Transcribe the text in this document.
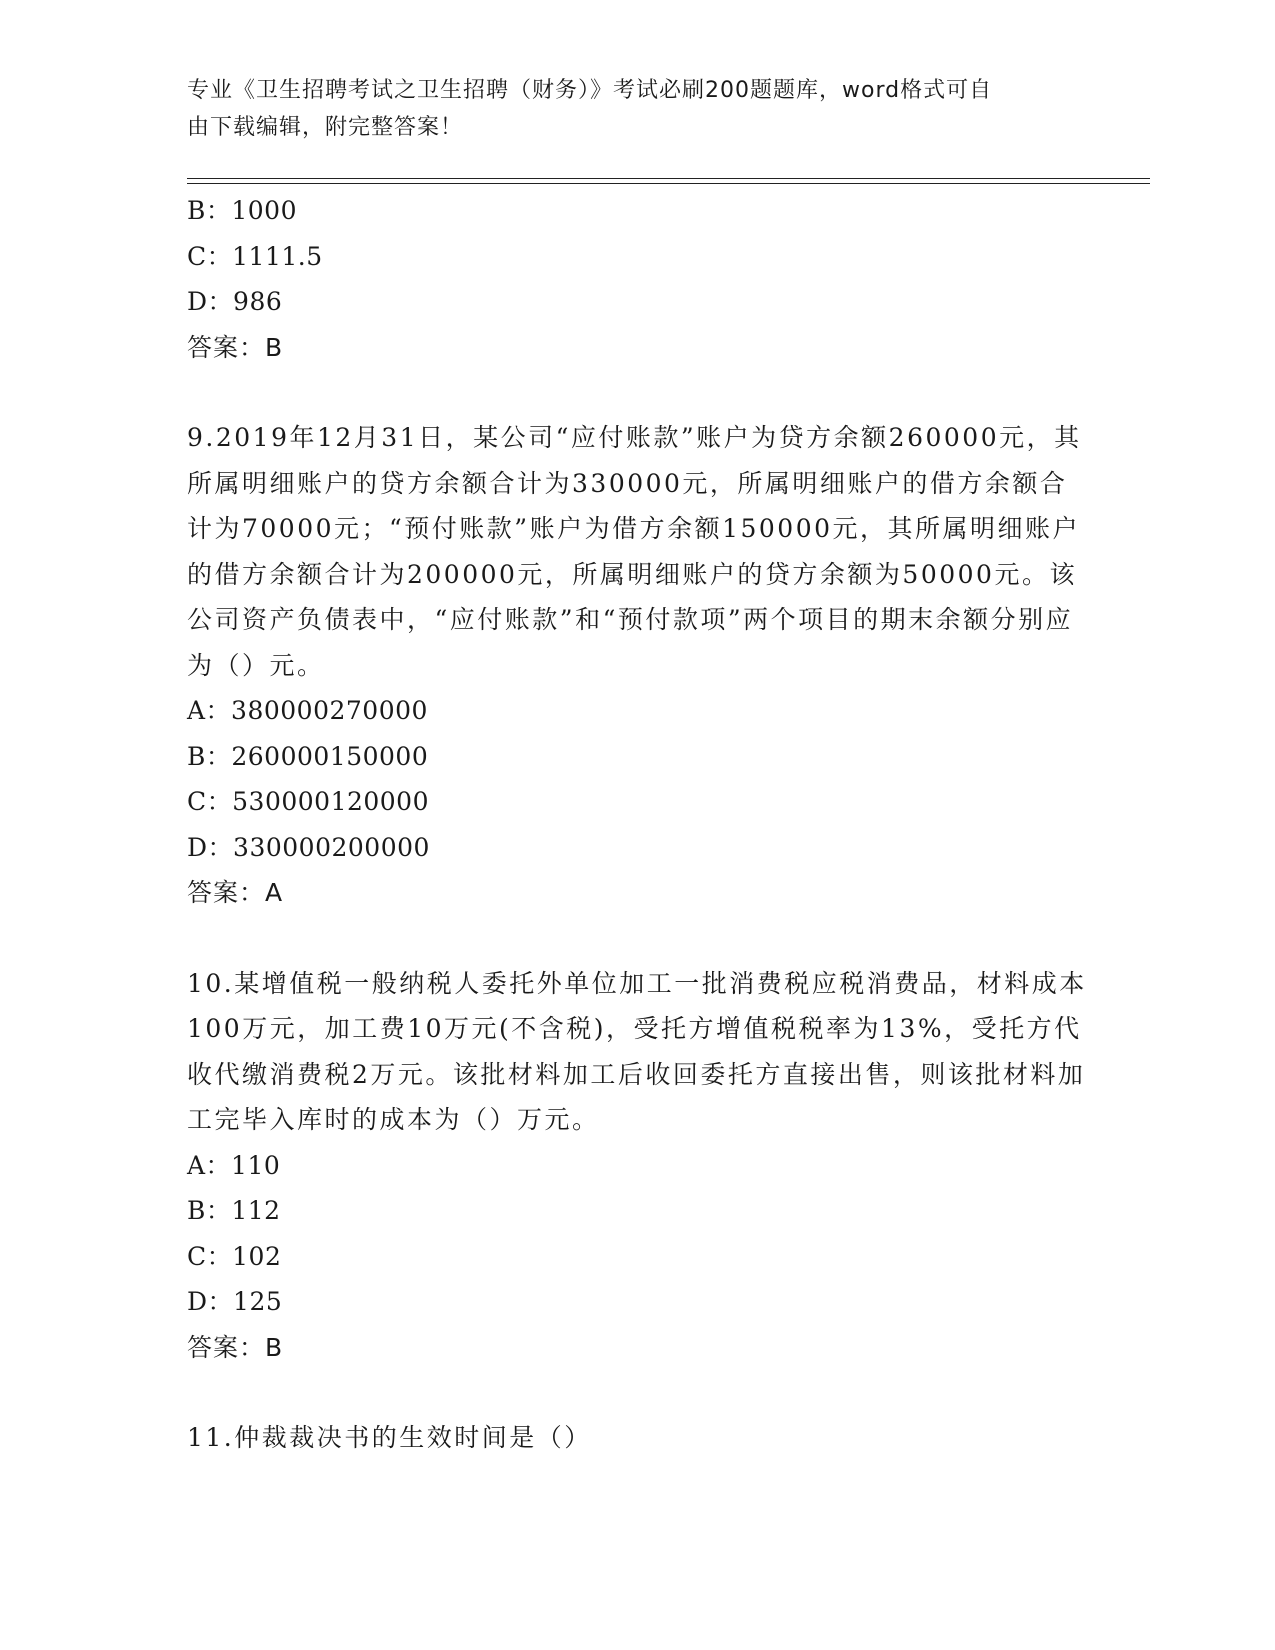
专业《卫生招聘考试之卫生招聘（财务）》考试必刷200题题库，word格式可自
由下载编辑，附完整答案！
B：1000
C：1111.5
D：986
答案：B
9.2019年12月31日，某公司“应付账款”账户为贷方余额260000元，其所属明细账户的贷方余额合计为330000元，所属明细账户的借方余额合计为70000元；“预付账款”账户为借方余额150000元，其所属明细账户的借方余额合计为200000元，所属明细账户的贷方余额为50000元。该公司资产负债表中，“应付账款”和“预付款项”两个项目的期末余额分别应为（）元。
A：380000270000
B：260000150000
C：530000120000
D：330000200000
答案：A
10.某增值税一般纳税人委托外单位加工一批消费税应税消费品，材料成本100万元，加工费10万元(不含税)，受托方增值税税率为13%，受托方代收代缴消费税2万元。该批材料加工后收回委托方直接出售，则该批材料加工完毕入库时的成本为（）万元。
A：110
B：112
C：102
D：125
答案：B
11.仲裁裁决书的生效时间是（）
